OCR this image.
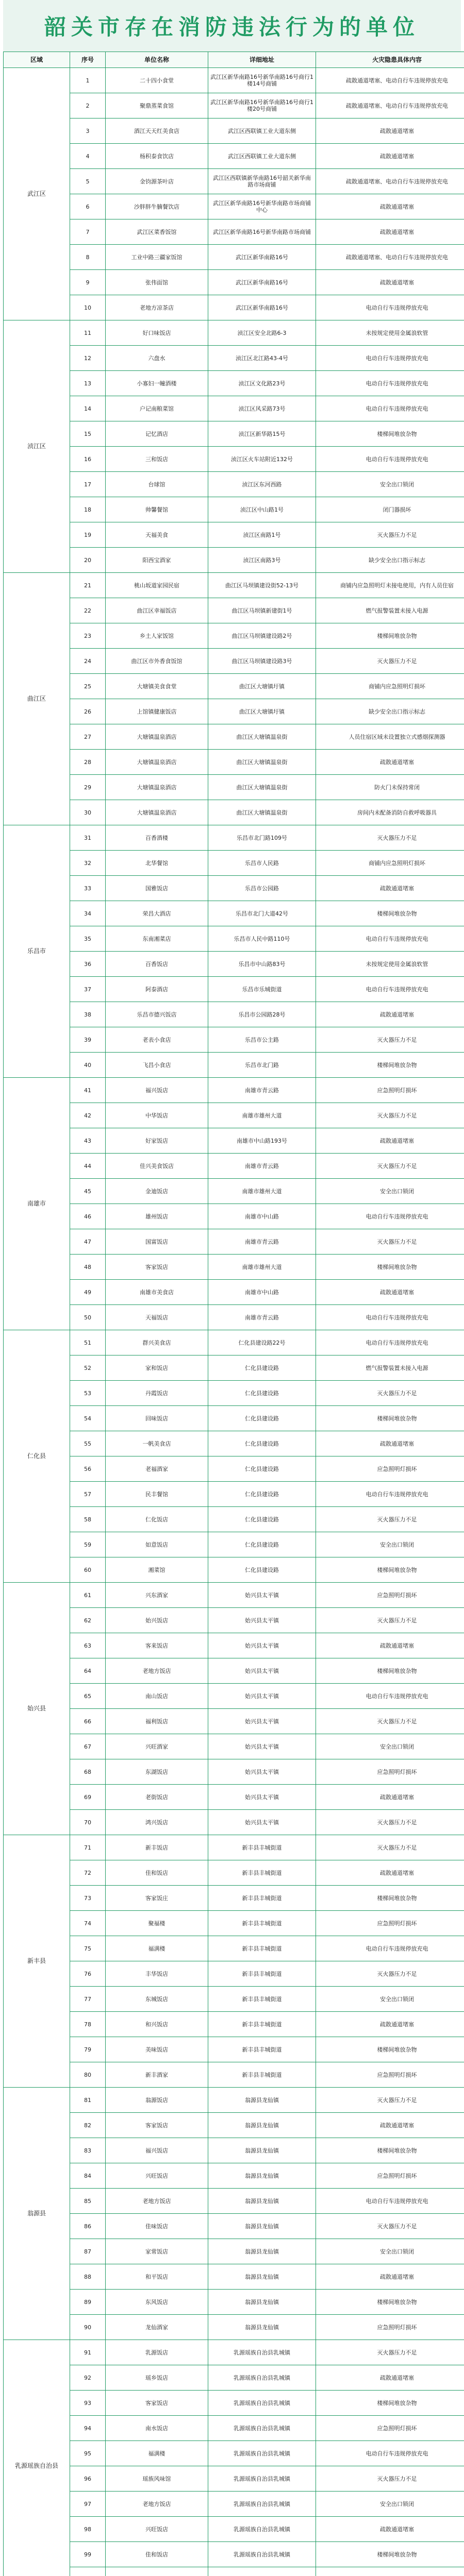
韶关市存在消防违法行为的单位
区域	序号	单位名称	详细地址	火灾隐患具体内容
武江区	1	二十四小食堂	武江区新华南路16号新华南路16号商行1楼14号商铺	疏散通道堵塞、电动自行车违规停放充电
	2	聚鼎蒸菜食馆	武江区新华南路16号新华南路16号商行1楼20号商铺	疏散通道堵塞、电动自行车违规停放充电
	3	酒江天天红美食店	武江区西联镇工业大道东侧	疏散通道堵塞
	4	杨积泰食饮店	武江区西联镇工业大道东侧	疏散通道堵塞
	5	金钧源茶叶店	武江区西联镇新华南路16号韶关新华南路市场商铺	疏散通道堵塞、电动自行车违规停放充电
	6	沙胖胖牛腩餐饮店	武江区新华南路16号新华南路市场商铺中心	疏散通道堵塞
	7	武江区菜香饭馆	武江区新华南路16号新华南路市场商铺	疏散通道堵塞
	8	工业中路三疆家饭馆	武江区新华南路16号	疏散通道堵塞、电动自行车违规停放充电
	9	张伟面馆	武江区新华南路16号	疏散通道堵塞
	10	老地方凉茶店	武江区新华南路16号	电动自行车违规停放充电
浈江区	11	好口味饭店	浈江区安全北路6-3	未按规定使用金属浪软管
	12	六盘水	浈江区北江路43-4号	电动自行车违规停放充电
	13	小寡妇一幢酒楼	浈江区文化路23号	电动自行车违规停放充电
	14	户记南粮菜馆	浈江区风采路73号	电动自行车违规停放充电
	15	记忆酒店	浈江区新华路15号	楼梯间堆放杂物
	16	三和饭店	浈江区火车站附近132号	电动自行车违规停放充电
	17	台球馆	浈江区东河西路	安全出口锁闭
	18	帅馨餐馆	浈江区中山路1号	闭门器损坏
	19	天福美食	浈江区南路1号	灭火器压力不足
	20	阳西宝酒家	浈江区南路3号	缺少安全出口指示标志
曲江区	21	桃山坂道家园民宿	曲江区马坝镇建设街52-13号	商铺内应急照明灯未接电使用，内有人员住宿
	22	曲江区幸福饭店	曲江区马坝镇新建街1号	燃气报警装置未接入电源
	23	乡土人家饭馆	曲江区马坝镇建设路2号	楼梯间堆放杂物
	24	曲江区市外香食饭馆	曲江区马坝镇建设路3号	灭火器压力不足
	25	大塘镇美食食堂	曲江区大塘镇圩镇	商铺内应急照明灯损坏
	26	上馆镇健康饭店	曲江区大塘镇圩镇	缺少安全出口指示标志
	27	大塘镇温泉酒店	曲江区大塘镇温泉街	人员住宿区域未设置独立式感烟探测器
	28	大塘镇温泉酒店	曲江区大塘镇温泉街	疏散通道堵塞
	29	大塘镇温泉酒店	曲江区大塘镇温泉街	防火门未保持常闭
	30	大塘镇温泉酒店	曲江区大塘镇温泉街	房间内未配备消防自救呼吸器具
乐昌市	31	百香酒楼	乐昌市北门路109号	灭火器压力不足
	32	北华餐馆	乐昌市人民路	商铺内应急照明灯损坏
	33	国雅饭店	乐昌市公园路	疏散通道堵塞
	34	荣昌大酒店	乐昌市北门大道42号	楼梯间堆放杂物
	35	东南湘菜店	乐昌市人民中路110号	电动自行车违规停放充电
	36	百香饭店	乐昌市中山路83号	未按规定使用金属浪软管
	37	阿泰酒店	乐昌市乐城街道	电动自行车违规停放充电
	38	乐昌市德兴饭店	乐昌市公园路28号	疏散通道堵塞
	39	老表小食店	乐昌市公主路	灭火器压力不足
	40	飞昌小食店	乐昌市北门路	楼梯间堆放杂物
南雄市	41	福兴饭店	南雄市青云路	应急照明灯损坏
	42	中华饭店	南雄市雄州大道	灭火器压力不足
	43	好家饭店	南雄市中山路193号	疏散通道堵塞
	44	佳兴美食饭店	南雄市青云路	灭火器压力不足
	45	金迪饭店	南雄市雄州大道	安全出口锁闭
	46	雄州饭店	南雄市中山路	电动自行车违规停放充电
	47	国富饭店	南雄市青云路	灭火器压力不足
	48	客家饭店	南雄市雄州大道	楼梯间堆放杂物
	49	南雄市美食店	南雄市中山路	疏散通道堵塞
	50	天福饭店	南雄市青云路	电动自行车违规停放充电
仁化县	51	群兴美食店	仁化县建设路22号	电动自行车违规停放充电
	52	家和饭店	仁化县建设路	燃气报警装置未接入电源
	53	丹霞饭店	仁化县建设路	灭火器压力不足
	54	回味饭店	仁化县建设路	楼梯间堆放杂物
	55	一帆美食店	仁化县建设路	疏散通道堵塞
	56	老福酒家	仁化县建设路	应急照明灯损坏
	57	民丰餐馆	仁化县建设路	电动自行车违规停放充电
	58	仁化饭店	仁化县建设路	灭火器压力不足
	59	如意饭店	仁化县建设路	安全出口锁闭
	60	湘菜馆	仁化县建设路	楼梯间堆放杂物
始兴县	61	兴东酒家	始兴县太平镇	应急照明灯损坏
	62	始兴饭店	始兴县太平镇	灭火器压力不足
	63	客来饭店	始兴县太平镇	疏散通道堵塞
	64	老地方饭店	始兴县太平镇	楼梯间堆放杂物
	65	南山饭店	始兴县太平镇	电动自行车违规停放充电
	66	福利饭店	始兴县太平镇	灭火器压力不足
	67	兴旺酒家	始兴县太平镇	安全出口锁闭
	68	东湖饭店	始兴县太平镇	应急照明灯损坏
	69	老街饭店	始兴县太平镇	疏散通道堵塞
	70	鸿兴饭店	始兴县太平镇	灭火器压力不足
新丰县	71	新丰饭店	新丰县丰城街道	灭火器压力不足
	72	佳和饭店	新丰县丰城街道	疏散通道堵塞
	73	客家饭庄	新丰县丰城街道	楼梯间堆放杂物
	74	聚福楼	新丰县丰城街道	应急照明灯损坏
	75	福满楼	新丰县丰城街道	电动自行车违规停放充电
	76	丰华饭店	新丰县丰城街道	灭火器压力不足
	77	东城饭店	新丰县丰城街道	安全出口锁闭
	78	和兴饭店	新丰县丰城街道	疏散通道堵塞
	79	美味饭店	新丰县丰城街道	楼梯间堆放杂物
	80	新丰酒家	新丰县丰城街道	应急照明灯损坏
翁源县	81	翁源饭店	翁源县龙仙镇	灭火器压力不足
	82	客家饭店	翁源县龙仙镇	疏散通道堵塞
	83	福兴饭店	翁源县龙仙镇	楼梯间堆放杂物
	84	兴旺饭店	翁源县龙仙镇	应急照明灯损坏
	85	老地方饭店	翁源县龙仙镇	电动自行车违规停放充电
	86	佳味饭店	翁源县龙仙镇	灭火器压力不足
	87	家常饭店	翁源县龙仙镇	安全出口锁闭
	88	和平饭店	翁源县龙仙镇	疏散通道堵塞
	89	东风饭店	翁源县龙仙镇	楼梯间堆放杂物
	90	龙仙酒家	翁源县龙仙镇	应急照明灯损坏
乳源瑶族自治县	91	乳源饭店	乳源瑶族自治县乳城镇	灭火器压力不足
	92	瑶乡饭店	乳源瑶族自治县乳城镇	疏散通道堵塞
	93	客家饭店	乳源瑶族自治县乳城镇	楼梯间堆放杂物
	94	南水饭店	乳源瑶族自治县乳城镇	应急照明灯损坏
	95	福满楼	乳源瑶族自治县乳城镇	电动自行车违规停放充电
	96	瑶族风味馆	乳源瑶族自治县乳城镇	灭火器压力不足
	97	老地方饭店	乳源瑶族自治县乳城镇	安全出口锁闭
	98	兴旺饭店	乳源瑶族自治县乳城镇	疏散通道堵塞
	99	佳和饭店	乳源瑶族自治县乳城镇	楼梯间堆放杂物
